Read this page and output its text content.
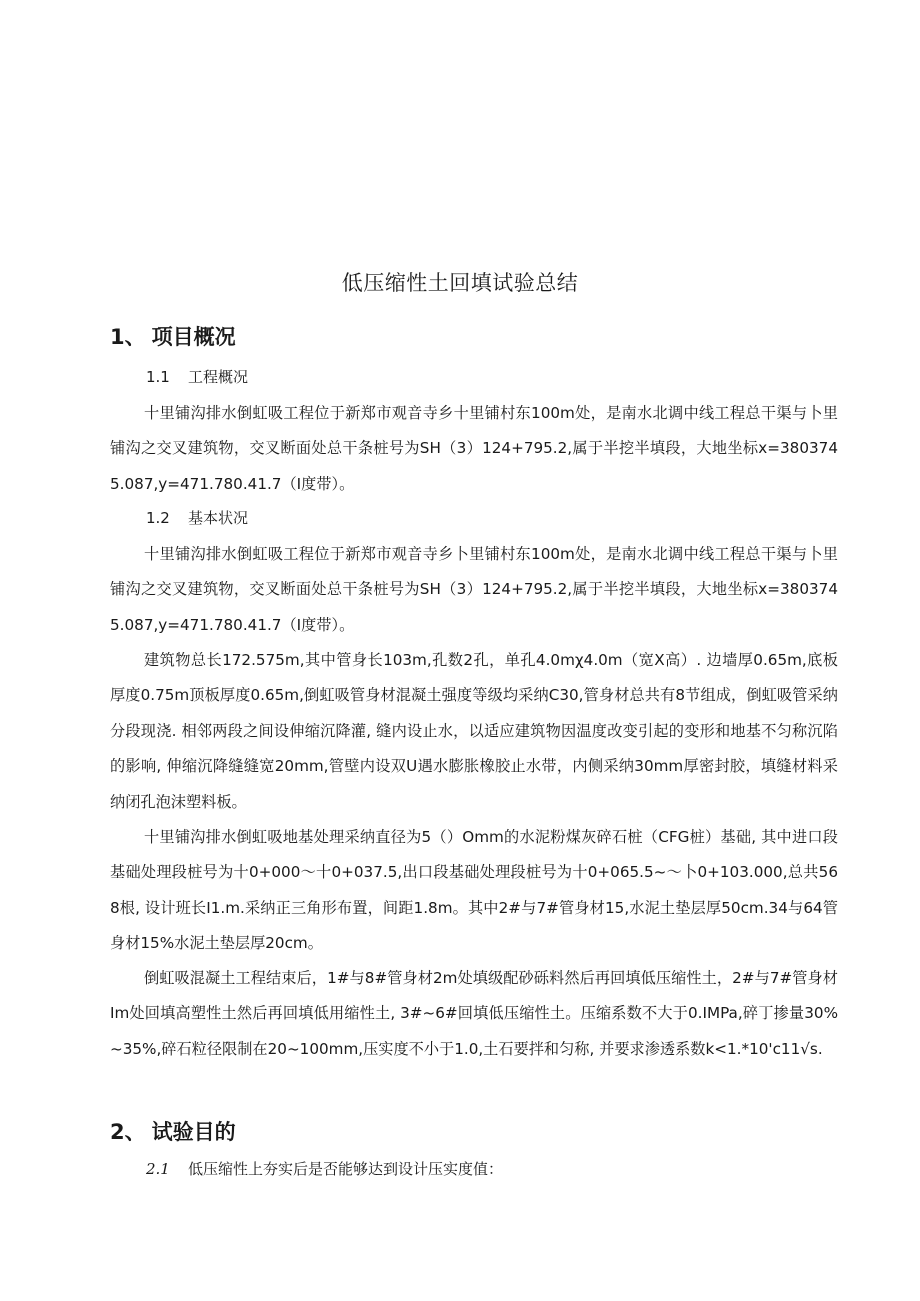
低压缩性土回填试验总结
1、 项目概况
1.1 工程概况

十里铺沟排水倒虹吸工程位于新郑市观音寺乡十里铺村东100m处，是南水北调中线工程总干渠与卜里铺沟之交叉建筑物，交叉断面处总干条桩号为SH（3）124+795.2,属于半挖半填段，大地坐标x=3803745.087,y=471.780.41.7（I度带）。

1.2 基本状况

十里铺沟排水倒虹吸工程位于新郑市观音寺乡卜里铺村东100m处，是南水北调中线工程总干渠与卜里铺沟之交叉建筑物，交叉断面处总干条桩号为SH（3）124+795.2,属于半挖半填段，大地坐标x=3803745.087,y=471.780.41.7（I度带）。

建筑物总长172.575m,其中管身长103m,孔数2孔，单孔4.0mχ4.0m（宽X高）. 边墙厚0.65m,底板厚度0.75m顶板厚度0.65m,倒虹吸管身材混凝土强度等级均采纳C30,管身材总共有8节组成，倒虹吸管采纳分段现浇. 相邻两段之间设伸缩沉降灌, 缝内设止水，以适应建筑物因温度改变引起的变形和地基不匀称沉陷的影响, 伸缩沉降缝缝宽20mm,管壁内设双U遇水膨胀橡胶止水带，内侧采纳30mm厚密封胶，填缝材料采纳闭孔泡沫塑料板。

十里铺沟排水倒虹吸地基处理采纳直径为5（）Omm的水泥粉煤灰碎石桩（CFG桩）基础, 其中进口段基础处理段桩号为十0+000～十0+037.5,出口段基础处理段桩号为十0+065.5~～卜0+103.000,总共568根, 设计班长I1.m.采纳正三角形布置，间距1.8m。其中2#与7#管身材15,水泥土垫层厚50cm.34与64管身材15%水泥土垫层厚20cm。

倒虹吸混凝土工程结束后，1#与8#管身材2m处填级配砂砾料然后再回填低压缩性土，2#与7#管身材Im处回填高塑性土然后再回填低用缩性土, 3#~6#回填低压缩性土。压缩系数不大于0.IMPa,碎丁掺量30%~35%,碎石粒径限制在20~100mm,压实度不小于1.0,土石要拌和匀称, 并要求渗透系数k<1.*10'c11√s.

2、 试验目的
2.1 低压缩性上夯实后是否能够达到设计压实度值：
